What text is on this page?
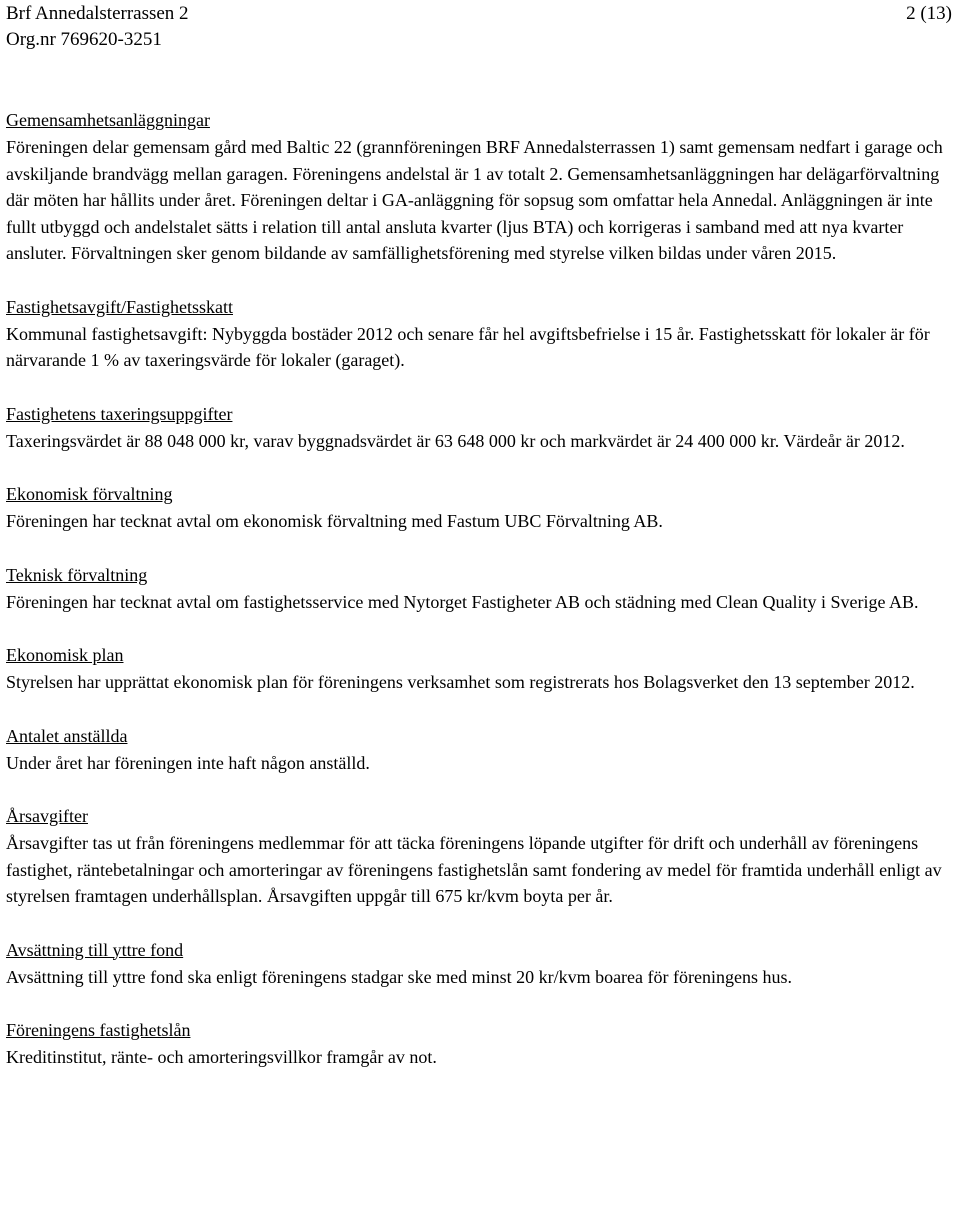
Brf Annedalsterrassen 2	2 (13)
Org.nr 769620-3251

Gemensamhetsanläggningar

Föreningen delar gemensam gård med Baltic 22 (grannföreningen BRF Annedalsterrassen 1) samt gemensam nedfart i garage och avskiljande brandvägg mellan garagen. Föreningens andelstal är 1 av totalt 2. Gemensamhetsanläggningen har delägarförvaltning där möten har hållits under året. Föreningen deltar i GA-anläggning för sopsug som omfattar hela Annedal. Anläggningen är inte fullt utbyggd och andelstalet sätts i relation till antal ansluta kvarter (ljus BTA) och korrigeras i samband med att nya kvarter ansluter. Förvaltningen sker genom bildande av samfällighetsförening med styrelse vilken bildas under våren 2015.

Fastighetsavgift/Fastighetsskatt

Kommunal fastighetsavgift: Nybyggda bostäder 2012 och senare får hel avgiftsbefrielse i 15 år. Fastighetsskatt för lokaler är för närvarande 1 % av taxeringsvärde för lokaler (garaget).

Fastighetens taxeringsuppgifter

Taxeringsvärdet är 88 048 000 kr, varav byggnadsvärdet är 63 648 000 kr och markvärdet är 24 400 000 kr. Värdeår är 2012.

Ekonomisk förvaltning

Föreningen har tecknat avtal om ekonomisk förvaltning med Fastum UBC Förvaltning AB.

Teknisk förvaltning

Föreningen har tecknat avtal om fastighetsservice med Nytorget Fastigheter AB och städning med Clean Quality i Sverige AB.

Ekonomisk plan

Styrelsen har upprättat ekonomisk plan för föreningens verksamhet som registrerats hos Bolagsverket den 13 september 2012.

Antalet anställda

Under året har föreningen inte haft någon anställd.

Årsavgifter

Årsavgifter tas ut från föreningens medlemmar för att täcka föreningens löpande utgifter för drift och underhåll av föreningens fastighet, räntebetalningar och amorteringar av föreningens fastighetslån samt fondering av medel för framtida underhåll enligt av styrelsen framtagen underhållsplan. Årsavgiften uppgår till 675 kr/kvm boyta per år.

Avsättning till yttre fond

Avsättning till yttre fond ska enligt föreningens stadgar ske med minst 20 kr/kvm boarea för föreningens hus.

Föreningens fastighetslån

Kreditinstitut, ränte- och amorteringsvillkor framgår av not.
